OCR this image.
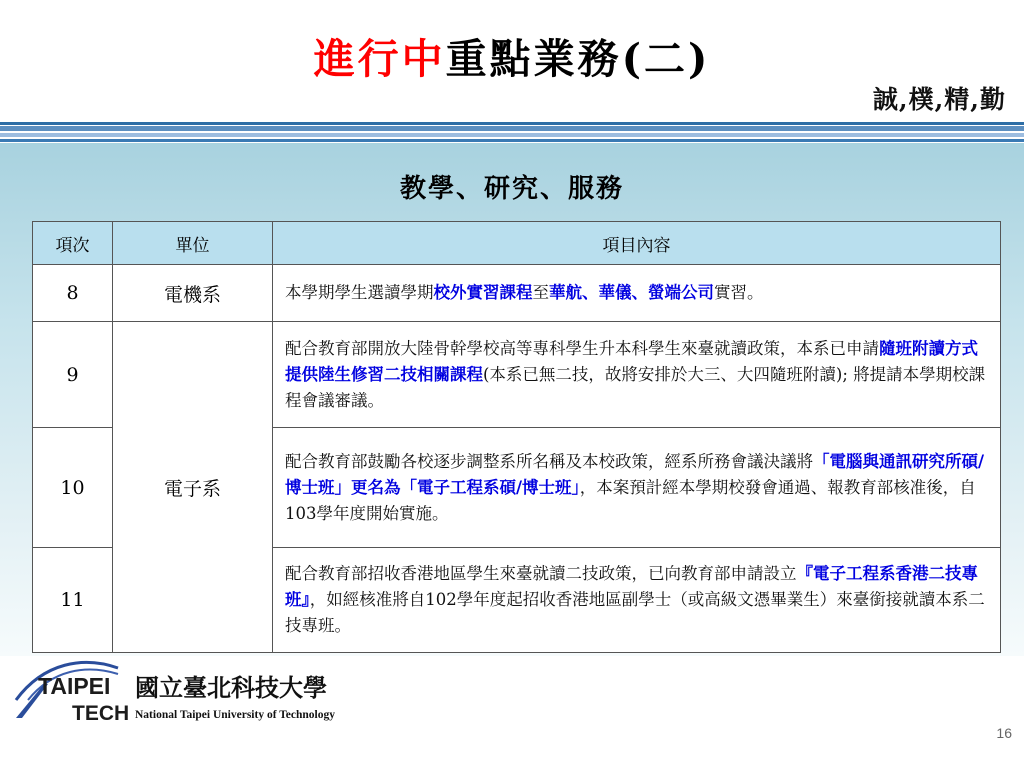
進行中重點業務(二)
誠,樸,精,勤
教學、研究、服務
項次	單位	項目內容
8	電機系	本學期學生選讀學期校外實習課程至華航、華儀、螢端公司實習。
9	電子系	配合教育部開放大陸骨幹學校高等專科學生升本科學生來臺就讀政策，本系已申請隨班附讀方式提供陸生修習二技相關課程(本系已無二技，故將安排於大三、大四隨班附讀); 將提請本學期校課程會議審議。
10		配合教育部鼓勵各校逐步調整系所名稱及本校政策，經系所務會議決議將「電腦與通訊研究所碩/博士班」更名為「電子工程系碩/博士班」，本案預計經本學期校發會通過、報教育部核准後，自103學年度開始實施。
11		配合教育部招收香港地區學生來臺就讀二技政策，已向教育部申請設立『電子工程系香港二技專班』，如經核准將自102學年度起招收香港地區副學士（或高級文憑畢業生）來臺銜接就讀本系二技專班。
TAIPEI
TECH
國立臺北科技大學
National Taipei University of Technology
16
